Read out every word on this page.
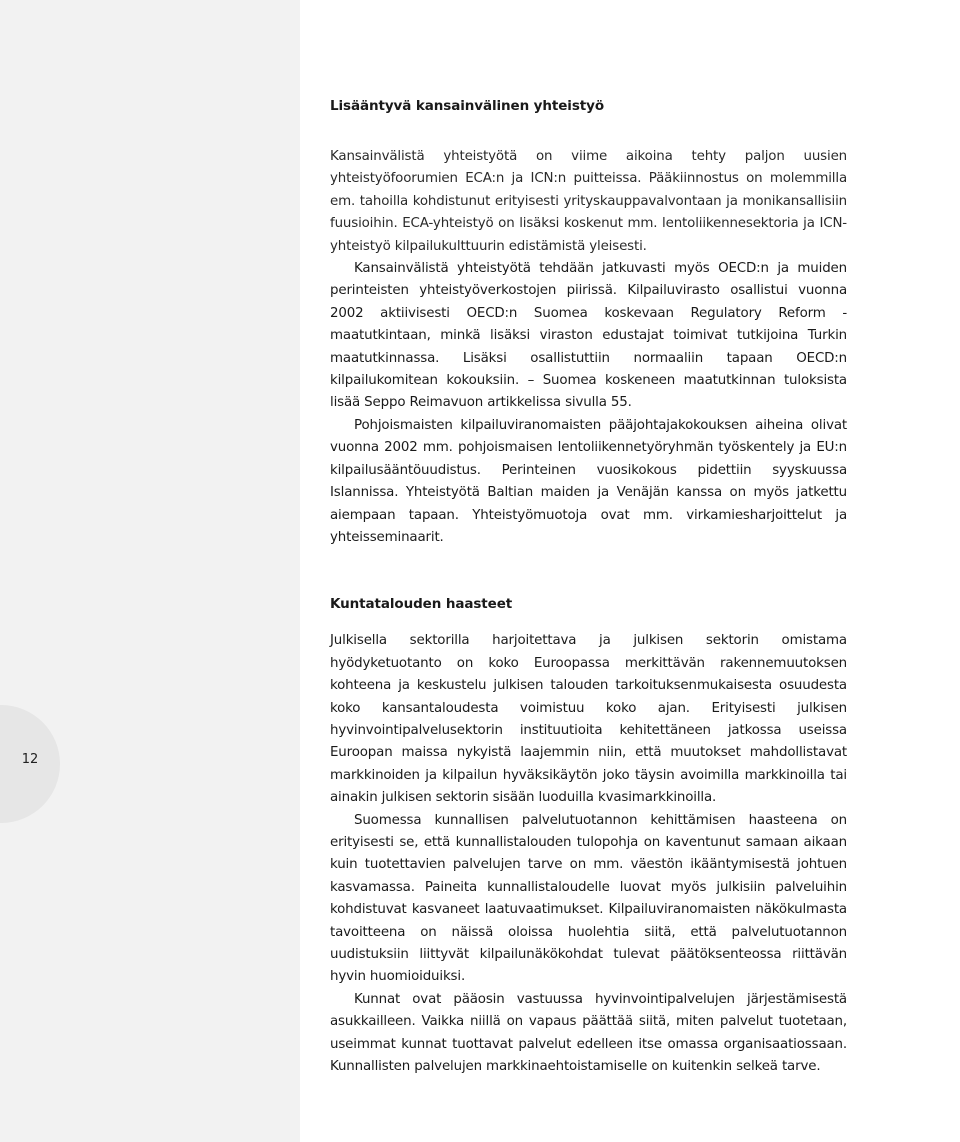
12
Lisääntyvä kansainvälinen yhteistyö

Kansainvälistä yhteistyötä on viime aikoina tehty paljon uusien yhteistyöfoorumien ECA:n ja ICN:n puitteissa. Pääkiinnostus on molemmilla em. tahoilla kohdistunut erityisesti yrityskauppavalvontaan ja monikansallisiin fuusioihin. ECA-yhteistyö on lisäksi koskenut mm. lentoliikennesektoria ja ICN-yhteistyö kilpailukulttuurin edistämistä yleisesti.

Kansainvälistä yhteistyötä tehdään jatkuvasti myös OECD:n ja muiden perinteisten yhteistyöverkostojen piirissä. Kilpailuvirasto osallistui vuonna 2002 aktiivisesti OECD:n Suomea koskevaan Regulatory Reform -maatutkintaan, minkä lisäksi viraston edustajat toimivat tutkijoina Turkin maatutkinnassa. Lisäksi osallistuttiin normaaliin tapaan OECD:n kilpailukomitean kokouksiin. – Suomea koskeneen maatutkinnan tuloksista lisää Seppo Reimavuon artikkelissa sivulla 55.

Pohjoismaisten kilpailuviranomaisten pääjohtajakokouksen aiheina olivat vuonna 2002 mm. pohjoismaisen lentoliikennetyöryhmän työskentely ja EU:n kilpailusääntöuudistus. Perinteinen vuosikokous pidettiin syyskuussa Islannissa. Yhteistyötä Baltian maiden ja Venäjän kanssa on myös jatkettu aiempaan tapaan. Yhteistyömuotoja ovat mm. virkamiesharjoittelut ja yhteisseminaarit.

Kuntatalouden haasteet

Julkisella sektorilla harjoitettava ja julkisen sektorin omistama hyödyketuotanto on koko Euroopassa merkittävän rakennemuutoksen kohteena ja keskustelu julkisen talouden tarkoituksenmukaisesta osuudesta koko kansantaloudesta voimistuu koko ajan. Erityisesti julkisen hyvinvointipalvelusektorin instituutioita kehitettäneen jatkossa useissa Euroopan maissa nykyistä laajemmin niin, että muutokset mahdollistavat markkinoiden ja kilpailun hyväksikäytön joko täysin avoimilla markkinoilla tai ainakin julkisen sektorin sisään luoduilla kvasimarkkinoilla.

Suomessa kunnallisen palvelutuotannon kehittämisen haasteena on erityisesti se, että kunnallistalouden tulopohja on kaventunut samaan aikaan kuin tuotettavien palvelujen tarve on mm. väestön ikääntymisestä johtuen kasvamassa. Paineita kunnallistaloudelle luovat myös julkisiin palveluihin kohdistuvat kasvaneet laatuvaatimukset. Kilpailuviranomaisten näkökulmasta tavoitteena on näissä oloissa huolehtia siitä, että palvelutuotannon uudistuksiin liittyvät kilpailunäkökohdat tulevat päätöksenteossa riittävän hyvin huomioiduiksi.

Kunnat ovat pääosin vastuussa hyvinvointipalvelujen järjestämisestä asukkailleen. Vaikka niillä on vapaus päättää siitä, miten palvelut tuotetaan, useimmat kunnat tuottavat palvelut edelleen itse omassa organisaatiossaan. Kunnallisten palvelujen markkinaehtoistamiselle on kuitenkin selkeä tarve.
